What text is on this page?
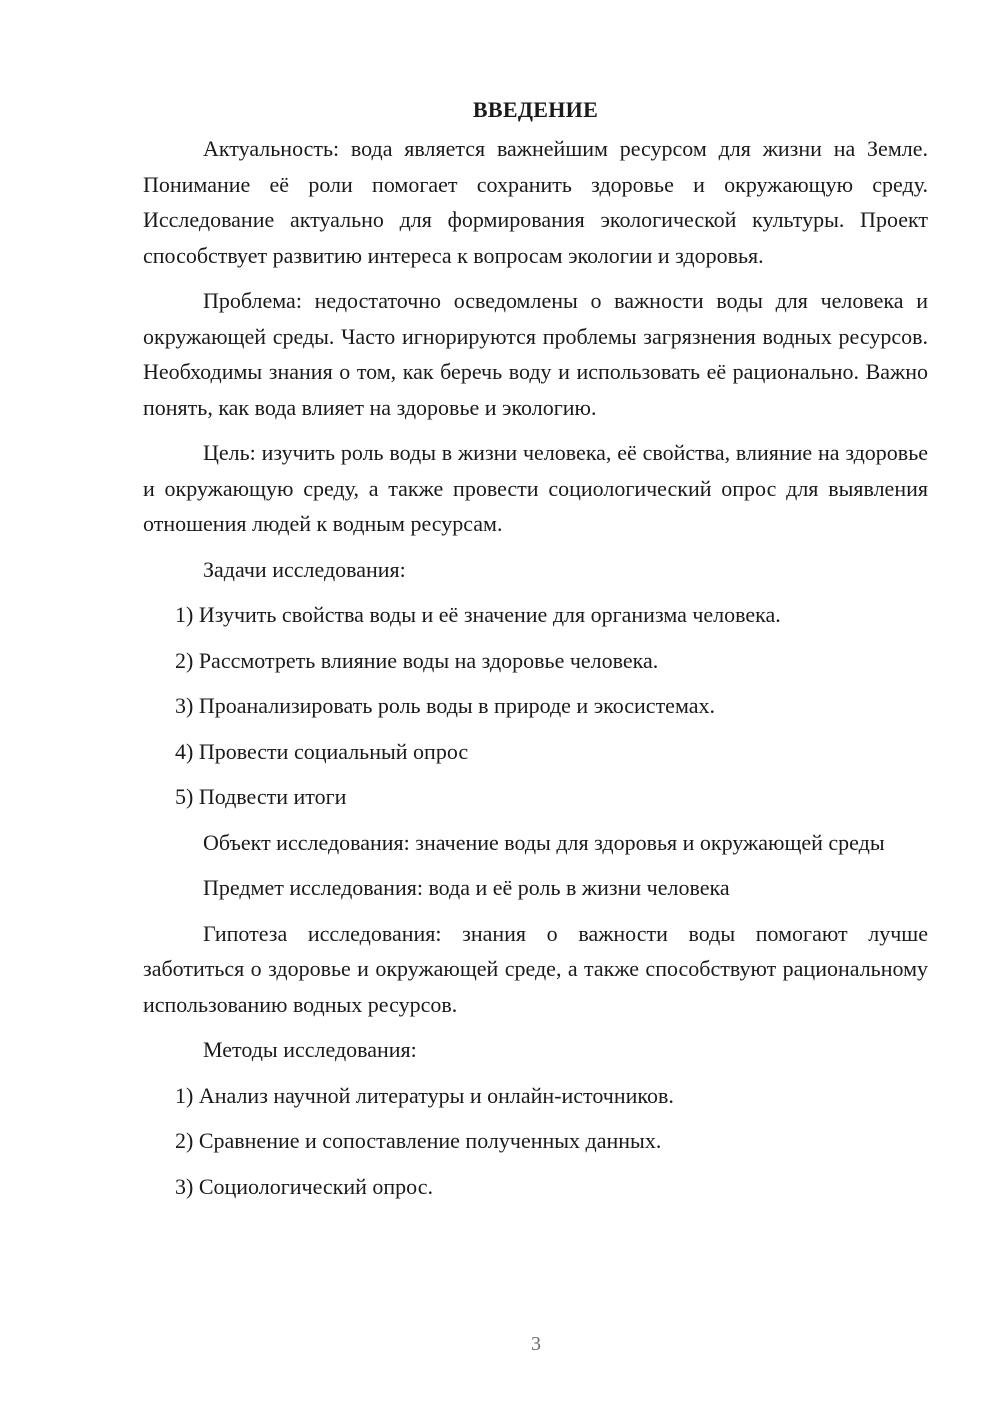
ВВЕДЕНИЕ

Актуальность: вода является важнейшим ресурсом для жизни на Земле. Понимание её роли помогает сохранить здоровье и окружающую среду. Исследование актуально для формирования экологической культуры. Проект способствует развитию интереса к вопросам экологии и здоровья.

Проблема: недостаточно осведомлены о важности воды для человека и окружающей среды. Часто игнорируются проблемы загрязнения водных ресурсов. Необходимы знания о том, как беречь воду и использовать её рационально. Важно понять, как вода влияет на здоровье и экологию.

Цель: изучить роль воды в жизни человека, её свойства, влияние на здоровье и окружающую среду, а также провести социологический опрос для выявления отношения людей к водным ресурсам.

Задачи исследования:

1) Изучить свойства воды и её значение для организма человека.
2) Рассмотреть влияние воды на здоровье человека.
3) Проанализировать роль воды в природе и экосистемах.
4) Провести социальный опрос
5) Подвести итоги

Объект исследования: значение воды для здоровья и окружающей среды

Предмет исследования: вода и её роль в жизни человека

Гипотеза исследования: знания о важности воды помогают лучше заботиться о здоровье и окружающей среде, а также способствуют рациональному использованию водных ресурсов.

Методы исследования:

1) Анализ научной литературы и онлайн-источников.
2) Сравнение и сопоставление полученных данных.
3) Социологический опрос.
3
